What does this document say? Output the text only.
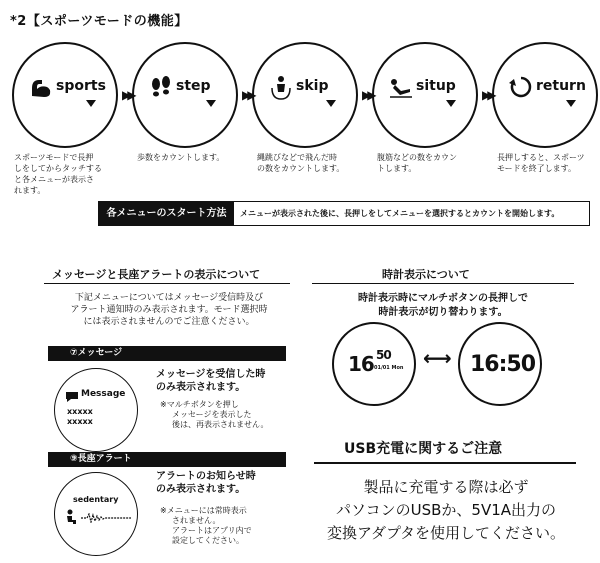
*2【スポーツモードの機能】
sports
▶▶
step
▶▶
skip
▶▶
situp
▶▶
return
スポーツモードで長押
しをしてからタッチする
と各メニューが表示さ
れます。
歩数をカウントします。	縄跳びなどで飛んだ時
の数をカウントします。
腹筋などの数をカウン
トします。
長押しすると、スポーツ
モードを終了します。
各メニューのスタート方法	メニューが表示された後に、長押しをしてメニューを選択するとカウントを開始します。
メッセージと長座アラートの表示について
下記メニューについてはメッセージ受信時及び
アラート通知時のみ表示されます。モード選択時
には表示されませんのでご注意ください。
⑦メッセージ
Message
xxxxx
xxxxx
メッセージを受信した時
のみ表示されます。
※マルチボタンを押し
メッセージを表示した
後は、再表示されません。
⑨長座アラート
sedentary
アラートのお知らせ時
のみ表示されます。
※メニューには常時表示
されません。
アラートはアプリ内で
設定してください。
時計表示について
時計表示時にマルチボタンの長押しで
時計表示が切り替わります。
16 50
01/01 Mon ⟷ 16:50
USB充電に関するご注意
製品に充電する際は必ず
パソコンのUSBか、5V1A出力の
変換アダプタを使用してください。
